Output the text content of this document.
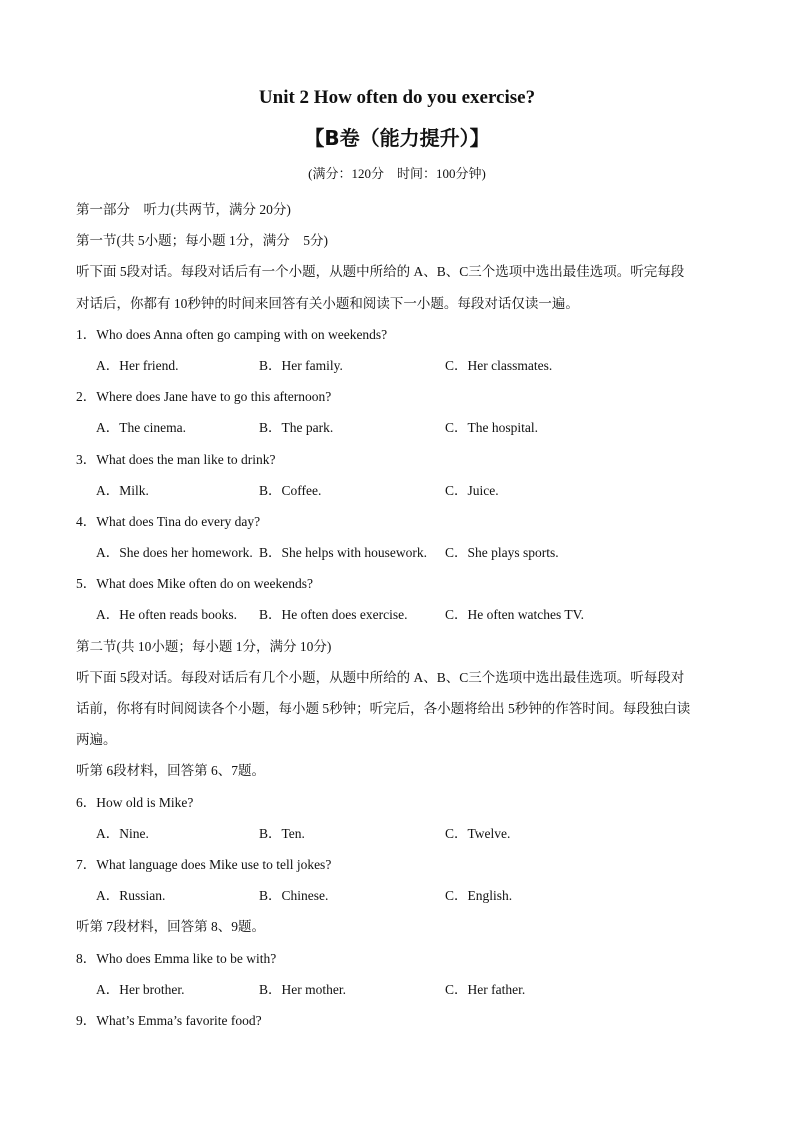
Unit 2 How often do you exercise?
【B卷（能力提升）】
(满分：120分　时间：100分钟)
第一部分　听力(共两节，满分 20分)
第一节(共 5小题；每小题 1分，满分　5分)
听下面 5段对话。每段对话后有一个小题，从题中所给的 A、B、C三个选项中选出最佳选项。听完每段
对话后，你都有 10秒钟的时间来回答有关小题和阅读下一小题。每段对话仅读一遍。
1．Who does Anna often go camping with on weekends?
A．Her friend.	B．Her family.	C．Her classmates.
2．Where does Jane have to go this afternoon?
A．The cinema.	B．The park.	C．The hospital.
3．What does the man like to drink?
A．Milk.	B．Coffee.	C．Juice.
4．What does Tina do every day?
A．She does her homework. B．She helps with housework. C．She plays sports.
5．What does Mike often do on weekends?
A．He often reads books. B．He often does exercise.	C．He often watches TV.
第二节(共 10小题；每小题 1分，满分 10分)
听下面 5段对话。每段对话后有几个小题，从题中所给的 A、B、C三个选项中选出最佳选项。听每段对
话前，你将有时间阅读各个小题，每小题 5秒钟；听完后，各小题将给出 5秒钟的作答时间。每段独白读
两遍。
听第 6段材料，回答第 6、7题。
6．How old is Mike?
A．Nine.	B．Ten.	C．Twelve.
7．What language does Mike use to tell jokes?
A．Russian.	B．Chinese.	C．English.
听第 7段材料，回答第 8、9题。
8．Who does Emma like to be with?
A．Her brother.	B．Her mother.	C．Her father.
9．What’s Emma’s favorite food?
